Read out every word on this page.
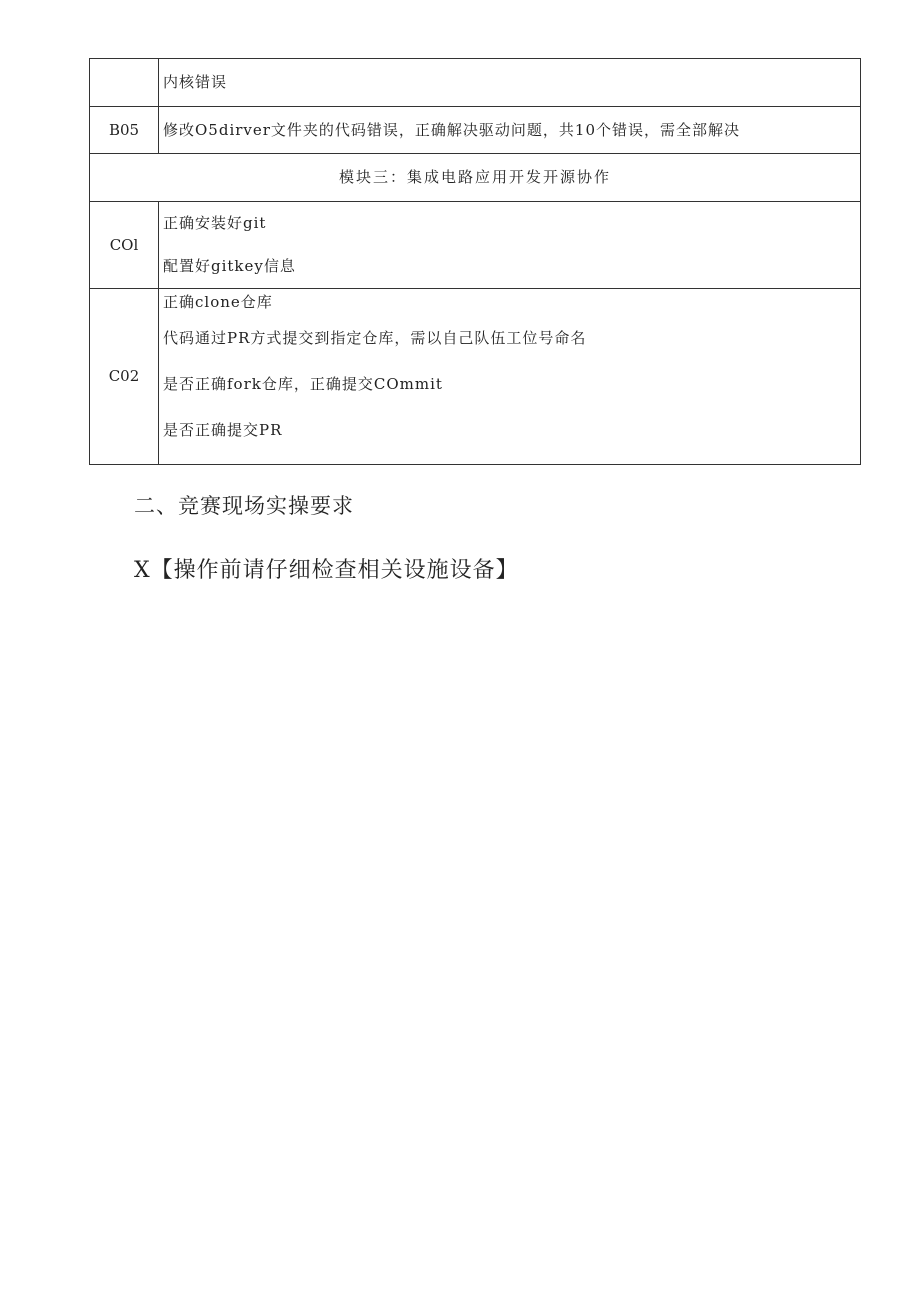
	内核错误

B05	修改O5dirver文件夹的代码错误，正确解决驱动问题，共10个错误，需全部解决

模块三：集成电路应用开发开源协作	
COl	正确安装好git
配置好gitkey信息

C02	正确clone仓库
代码通过PR方式提交到指定仓库，需以自己队伍工位号命名
是否正确fork仓库，正确提交COmmit
是否正确提交PR
二、竞赛现场实操要求
X【操作前请仔细检查相关设施设备】
